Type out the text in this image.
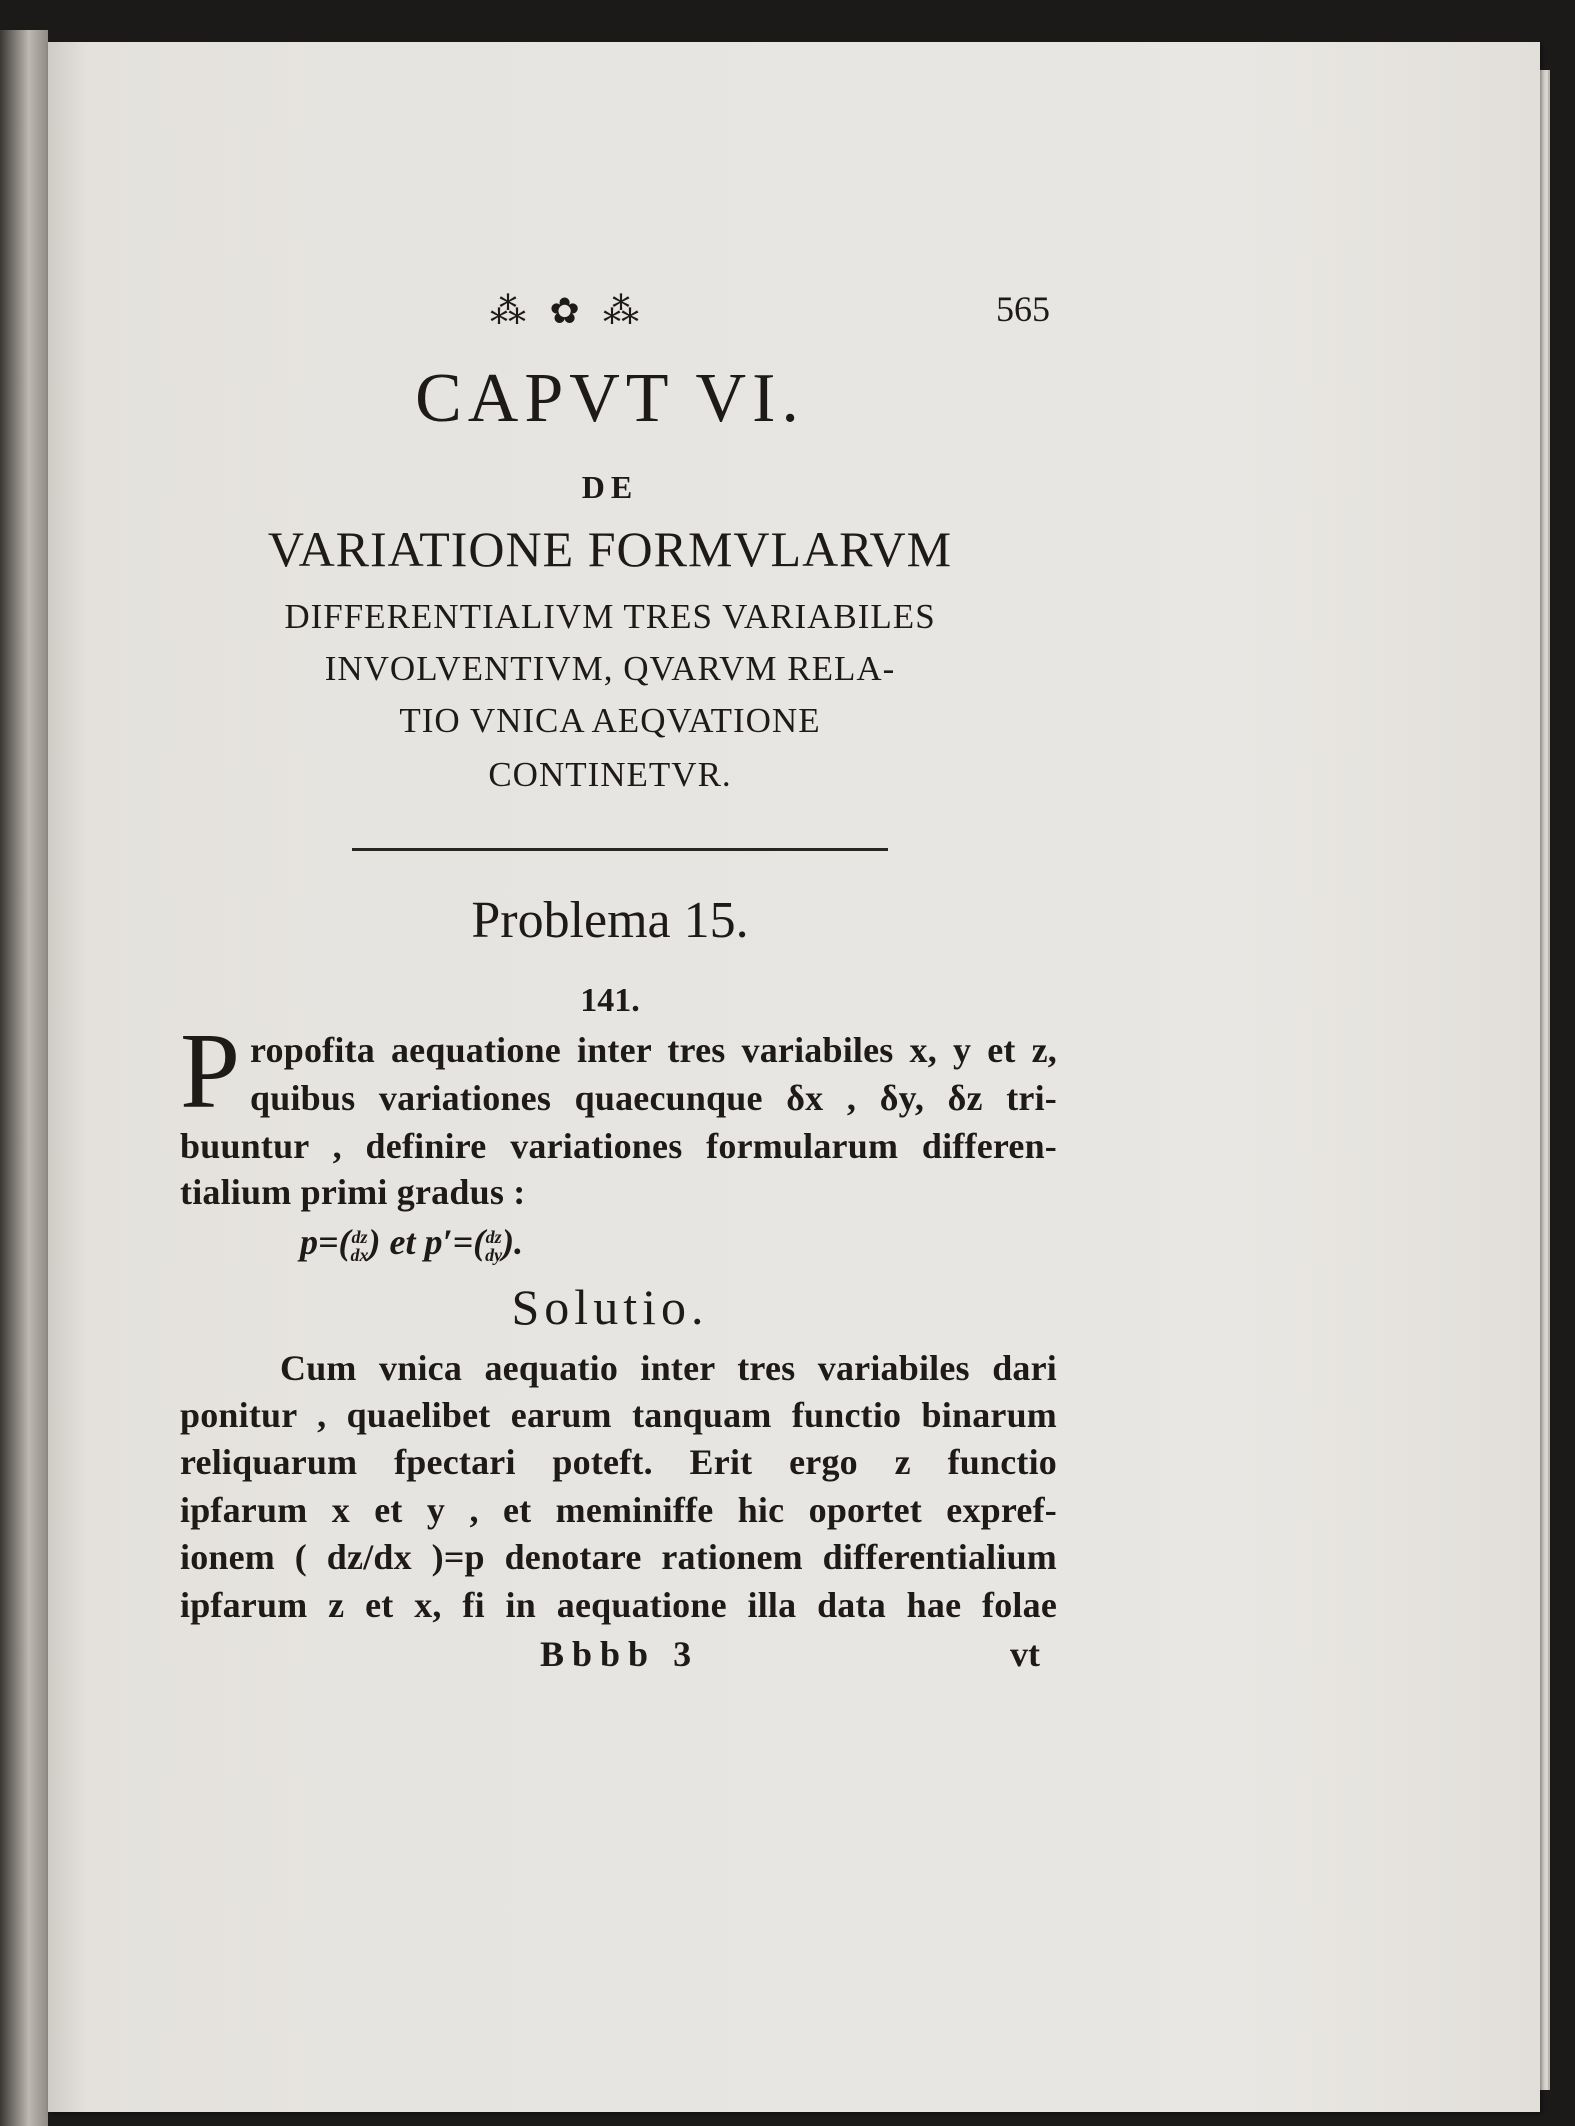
⁂ ✿ ⁂	565
CAPVT VI.
DE
VARIATIONE FORMVLARVM
DIFFERENTIALIVM TRES VARIABILES
INVOLVENTIVM, QVARVM RELA-
TIO VNICA AEQVATIONE
CONTINETVR.
Problema 15.
141.
P ropofita aequatione inter tres variabiles x, y et z,
quibus variationes quaecunque δx , δy, δz tri-
buuntur , definire variationes formularum differen-
tialium primi gradus :
p=( dz
dx ) et p′=( dz
dy ).
Solutio.
Cum vnica aequatio inter tres variabiles dari
ponitur , quaelibet earum tanquam functio binarum
reliquarum fpectari poteft. Erit ergo z functio
ipfarum x et y , et meminiffe hic oportet expref-
ionem ( dz/dx )=p denotare rationem differentialium
ipfarum z et x, fi in aequatione illa data hae folae
Bbbb 3	vt
